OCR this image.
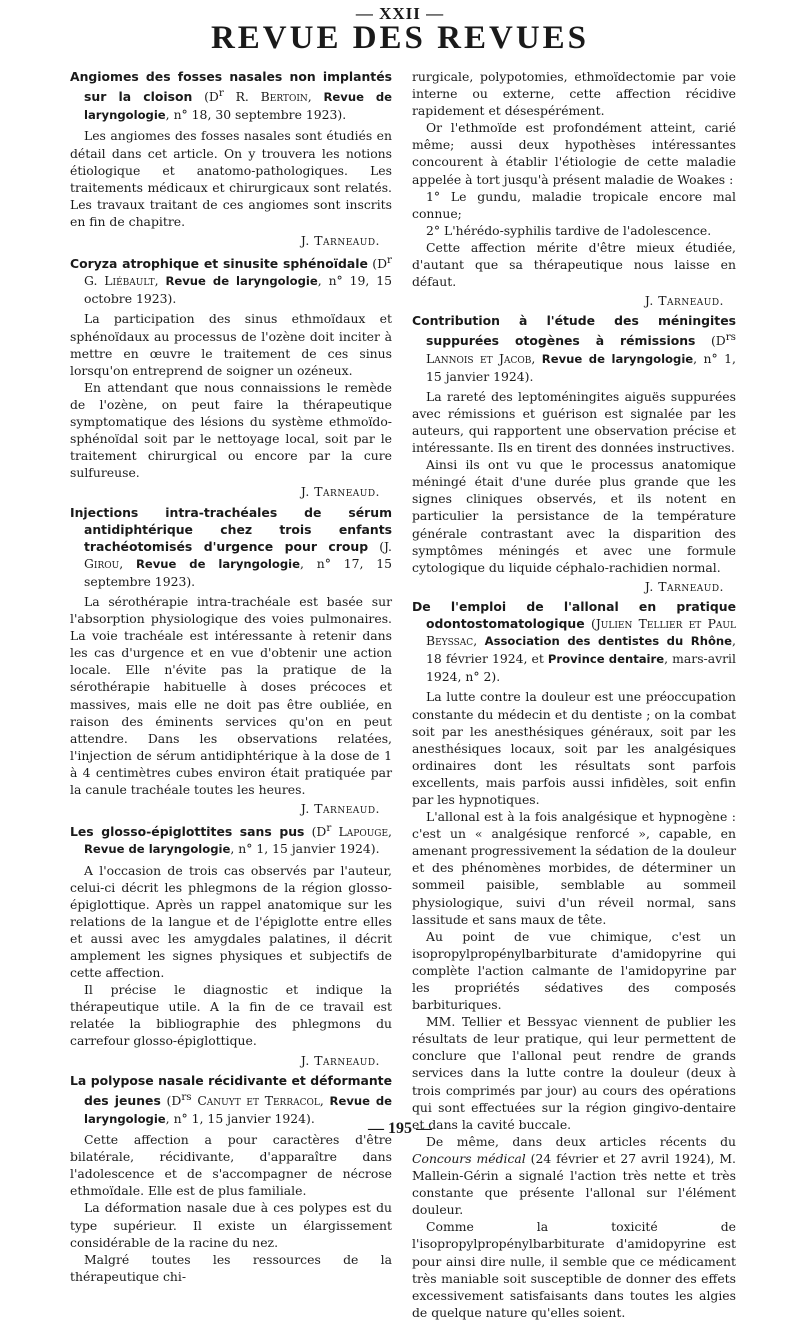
— XXII —
REVUE DES REVUES

Angiomes des fosses nasales non implantés sur la cloison ($D^r$ R. Bertoin, Revue de laryngologie, n° 18, 30 septembre 1923).

Les angiomes des fosses nasales sont étudiés en détail dans cet article. On y trouvera les notions étiologique et anatomo-pathologiques. Les traitements médicaux et chirurgicaux sont relatés. Les travaux traitant de ces angiomes sont inscrits en fin de chapitre.

J. Tarneaud.

Coryza atrophique et sinusite sphénoïdale ($D^r$ G. Liébault, Revue de laryngologie, n° 19, 15 octobre 1923).

La participation des sinus ethmoïdaux et sphénoïdaux au processus de l'ozène doit inciter à mettre en œuvre le traitement de ces sinus lorsqu'on entreprend de soigner un ozéneux.

En attendant que nous connaissions le remède de l'ozène, on peut faire la thérapeutique symptomatique des lésions du système ethmoïdo-sphénoïdal soit par le nettoyage local, soit par le traitement chirurgical ou encore par la cure sulfureuse.

J. Tarneaud.

Injections intra-trachéales de sérum antidiphtérique chez trois enfants trachéotomisés d'urgence pour croup (J. Girou, Revue de laryngologie, n° 17, 15 septembre 1923).

La sérothérapie intra-trachéale est basée sur l'absorption physiologique des voies pulmonaires. La voie trachéale est intéressante à retenir dans les cas d'urgence et en vue d'obtenir une action locale. Elle n'évite pas la pratique de la sérothérapie habituelle à doses précoces et massives, mais elle ne doit pas être oubliée, en raison des éminents services qu'on en peut attendre. Dans les observations relatées, l'injection de sérum antidiphtérique à la dose de 1 à 4 centimètres cubes environ était pratiquée par la canule trachéale toutes les heures.

J. Tarneaud.

Les glosso-épiglottites sans pus ($D^r$ Lapouge, Revue de laryngologie, n° 1, 15 janvier 1924).

A l'occasion de trois cas observés par l'auteur, celui-ci décrit les phlegmons de la région glosso-épiglottique. Après un rappel anatomique sur les relations de la langue et de l'épiglotte entre elles et aussi avec les amygdales palatines, il décrit amplement les signes physiques et subjectifs de cette affection.

Il précise le diagnostic et indique la thérapeutique utile. A la fin de ce travail est relatée la bibliographie des phlegmons du carrefour glosso-épiglottique.

J. Tarneaud.

La polypose nasale récidivante et déformante des jeunes ($D^{rs}$ Canuyt et Terracol, Revue de laryngologie, n° 1, 15 janvier 1924).

Cette affection a pour caractères d'être bilatérale, récidivante, d'apparaître dans l'adolescence et de s'accompagner de nécrose ethmoïdale. Elle est de plus familiale.

La déformation nasale due à ces polypes est du type supérieur. Il existe un élargissement considérable de la racine du nez.

Malgré toutes les ressources de la thérapeutique chi-

rurgicale, polypotomies, ethmoïdectomie par voie interne ou externe, cette affection récidive rapidement et désespérément.

Or l'ethmoïde est profondément atteint, carié même; aussi deux hypothèses intéressantes concourent à établir l'étiologie de cette maladie appelée à tort jusqu'à présent maladie de Woakes :

1° Le gundu, maladie tropicale encore mal connue;

2° L'hérédo-syphilis tardive de l'adolescence.

Cette affection mérite d'être mieux étudiée, d'autant que sa thérapeutique nous laisse en défaut.

J. Tarneaud.

Contribution à l'étude des méningites suppurées otogènes à rémissions ($D^{rs}$ Lannois et Jacob, Revue de laryngologie, n° 1, 15 janvier 1924).

La rareté des leptoméningites aiguës suppurées avec rémissions et guérison est signalée par les auteurs, qui rapportent une observation précise et intéressante. Ils en tirent des données instructives.

Ainsi ils ont vu que le processus anatomique méningé était d'une durée plus grande que les signes cliniques observés, et ils notent en particulier la persistance de la température générale contrastant avec la disparition des symptômes méningés et avec une formule cytologique du liquide céphalo-rachidien normal.

J. Tarneaud.

De l'emploi de l'allonal en pratique odontostomatologique (Julien Tellier et Paul Beyssac, Association des dentistes du Rhône, 18 février 1924, et Province dentaire, mars-avril 1924, n° 2).

La lutte contre la douleur est une préoccupation constante du médecin et du dentiste ; on la combat soit par les anesthésiques généraux, soit par les anesthésiques locaux, soit par les analgésiques ordinaires dont les résultats sont parfois excellents, mais parfois aussi infidèles, soit enfin par les hypnotiques.

L'allonal est à la fois analgésique et hypnogène : c'est un « analgésique renforcé », capable, en amenant progressivement la sédation de la douleur et des phénomènes morbides, de déterminer un sommeil paisible, semblable au sommeil physiologique, suivi d'un réveil normal, sans lassitude et sans maux de tête.

Au point de vue chimique, c'est un isopropylpropénylbarbiturate d'amidopyrine qui complète l'action calmante de l'amidopyrine par les propriétés sédatives des composés barbituriques.

MM. Tellier et Bessyac viennent de publier les résultats de leur pratique, qui leur permettent de conclure que l'allonal peut rendre de grands services dans la lutte contre la douleur (deux à trois comprimés par jour) au cours des opérations qui sont effectuées sur la région gingivo-dentaire et dans la cavité buccale.

De même, dans deux articles récents du Concours médical (24 février et 27 avril 1924), M. Mallein-Gérin a signalé l'action très nette et très constante que présente l'allonal sur l'élément douleur.

Comme la toxicité de l'isopropylpropénylbarbiturate d'amidopyrine est pour ainsi dire nulle, il semble que ce médicament très maniable soit susceptible de donner des effets excessivement satisfaisants dans toutes les algies de quelque nature qu'elles soient.

— 195 —
